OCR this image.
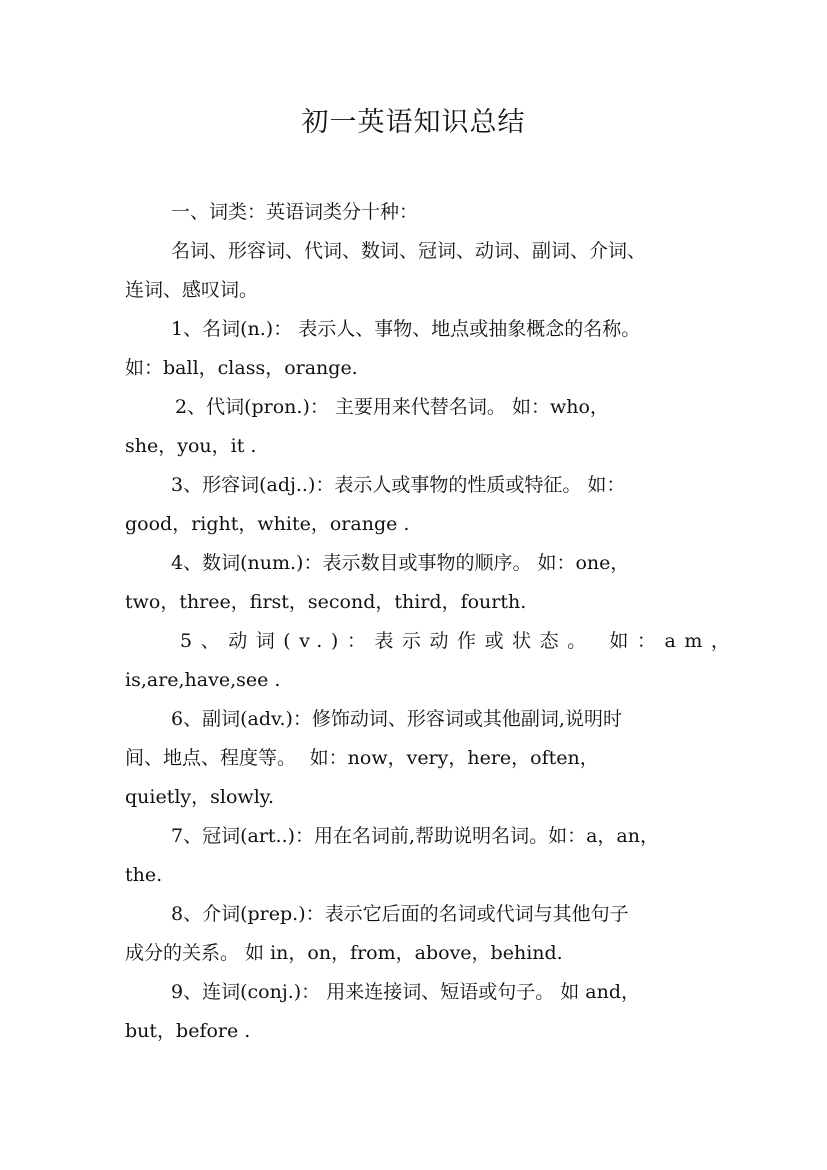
初一英语知识总结
一、词类：英语词类分十种：
名词、形容词、代词、数词、冠词、动词、副词、介词、
连词、感叹词。
1、名词(n.)： 表示人、事物、地点或抽象概念的名称。
如：ball，class，orange.
2、代词(pron.)： 主要用来代替名词。 如：who，
she，you，it .
3、形容词(adj..)：表示人或事物的性质或特征。 如：
good，right，white，orange .
4、数词(num.)：表示数目或事物的顺序。 如：one，
two，three，first，second，third，fourth.
5、动词(v.)：表示动作或状态。 如：am，
is,are,have,see .
6、副词(adv.)：修饰动词、形容词或其他副词,说明时
间、地点、程度等。 如：now，very，here，often，
quietly，slowly.
7、冠词(art..)：用在名词前,帮助说明名词。如：a，an，
the.
8、介词(prep.)：表示它后面的名词或代词与其他句子
成分的关系。 如 in，on，from，above，behind.
9、连词(conj.)： 用来连接词、短语或句子。 如 and，
but，before .
